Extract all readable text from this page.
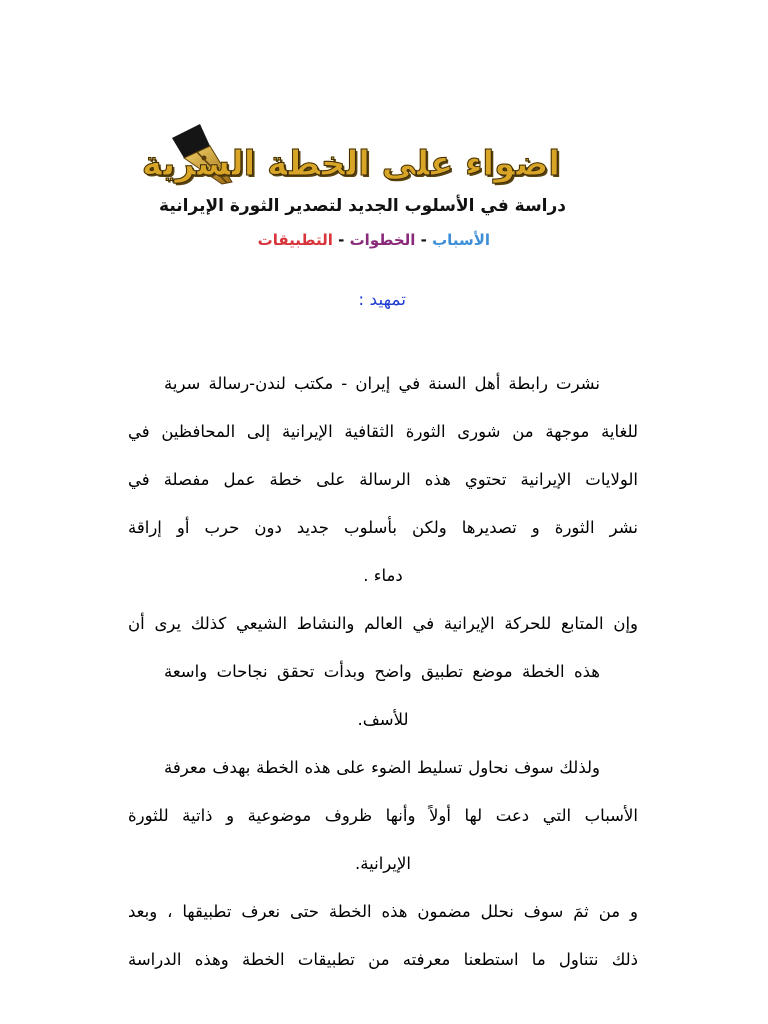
اضواء على الخطة السرية
دراسة في الأسلوب الجديد لتصدير الثورة الإيرانية
الأسباب - الخطوات - التطبيقات
تمهيد :
نشرت رابطة أهل السنة في إيران - مكتب لندن-رسالة سرية
للغاية موجهة من شورى الثورة الثقافية الإيرانية إلى المحافظين في
الولايات الإيرانية تحتوي هذه الرسالة على خطة عمل مفصلة في
نشر الثورة و تصديرها ولكن بأسلوب جديد دون حرب أو إراقة
دماء .
وإن المتابع للحركة الإيرانية في العالم والنشاط الشيعي كذلك يرى أن
هذه الخطة موضع تطبيق واضح وبدأت تحقق نجاحات واسعة
للأسف.
ولذلك سوف نحاول تسليط الضوء على هذه الخطة بهدف معرفة
الأسباب التي دعت لها أولاً وأنها ظروف موضوعية و ذاتية للثورة
الإيرانية.
و من ثمَ سوف نحلل مضمون هذه الخطة حتى نعرف تطبيقها ، وبعد
ذلك نتناول ما استطعنا معرفته من تطبيقات الخطة وهذه الدراسة
